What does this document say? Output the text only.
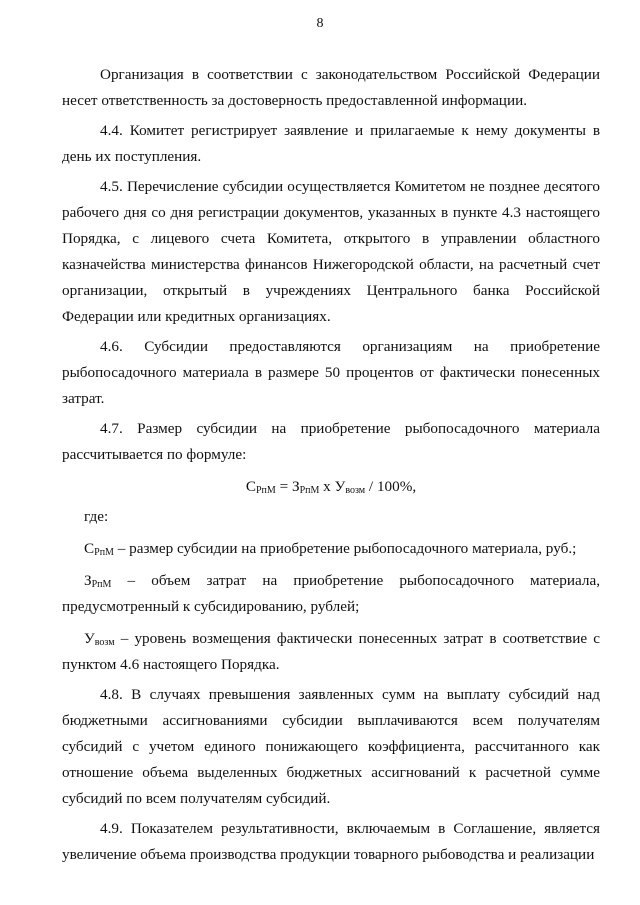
8

Организация в соответствии с законодательством Российской Федерации несет ответственность за достоверность предоставленной информации.

4.4. Комитет регистрирует заявление и прилагаемые к нему документы в день их поступления.

4.5. Перечисление субсидии осуществляется Комитетом не позднее десятого рабочего дня со дня регистрации документов, указанных в пункте 4.3 настоящего Порядка, с лицевого счета Комитета, открытого в управлении областного казначейства министерства финансов Нижегородской области, на расчетный счет организации, открытый в учреждениях Центрального банка Российской Федерации или кредитных организациях.

4.6. Субсидии предоставляются организациям на приобретение рыбопосадочного материала в размере 50 процентов от фактически понесенных затрат.

4.7. Размер субсидии на приобретение рыбопосадочного материала рассчитывается по формуле:

$С_{РпМ} = З_{РпМ}$ х $У_{возм} / 100\%$,

где:

$С_{РпМ}$ – размер субсидии на приобретение рыбопосадочного материала, руб.;

$З_{РпМ}$ – объем затрат на приобретение рыбопосадочного материала, предусмотренный к субсидированию, рублей;

$У_{возм}$ – уровень возмещения фактически понесенных затрат в соответствие с пунктом 4.6 настоящего Порядка.

4.8. В случаях превышения заявленных сумм на выплату субсидий над бюджетными ассигнованиями субсидии выплачиваются всем получателям субсидий с учетом единого понижающего коэффициента, рассчитанного как отношение объема выделенных бюджетных ассигнований к расчетной сумме субсидий по всем получателям субсидий.

4.9. Показателем результативности, включаемым в Соглашение, является увеличение объема производства продукции товарного рыбоводства и реализации
